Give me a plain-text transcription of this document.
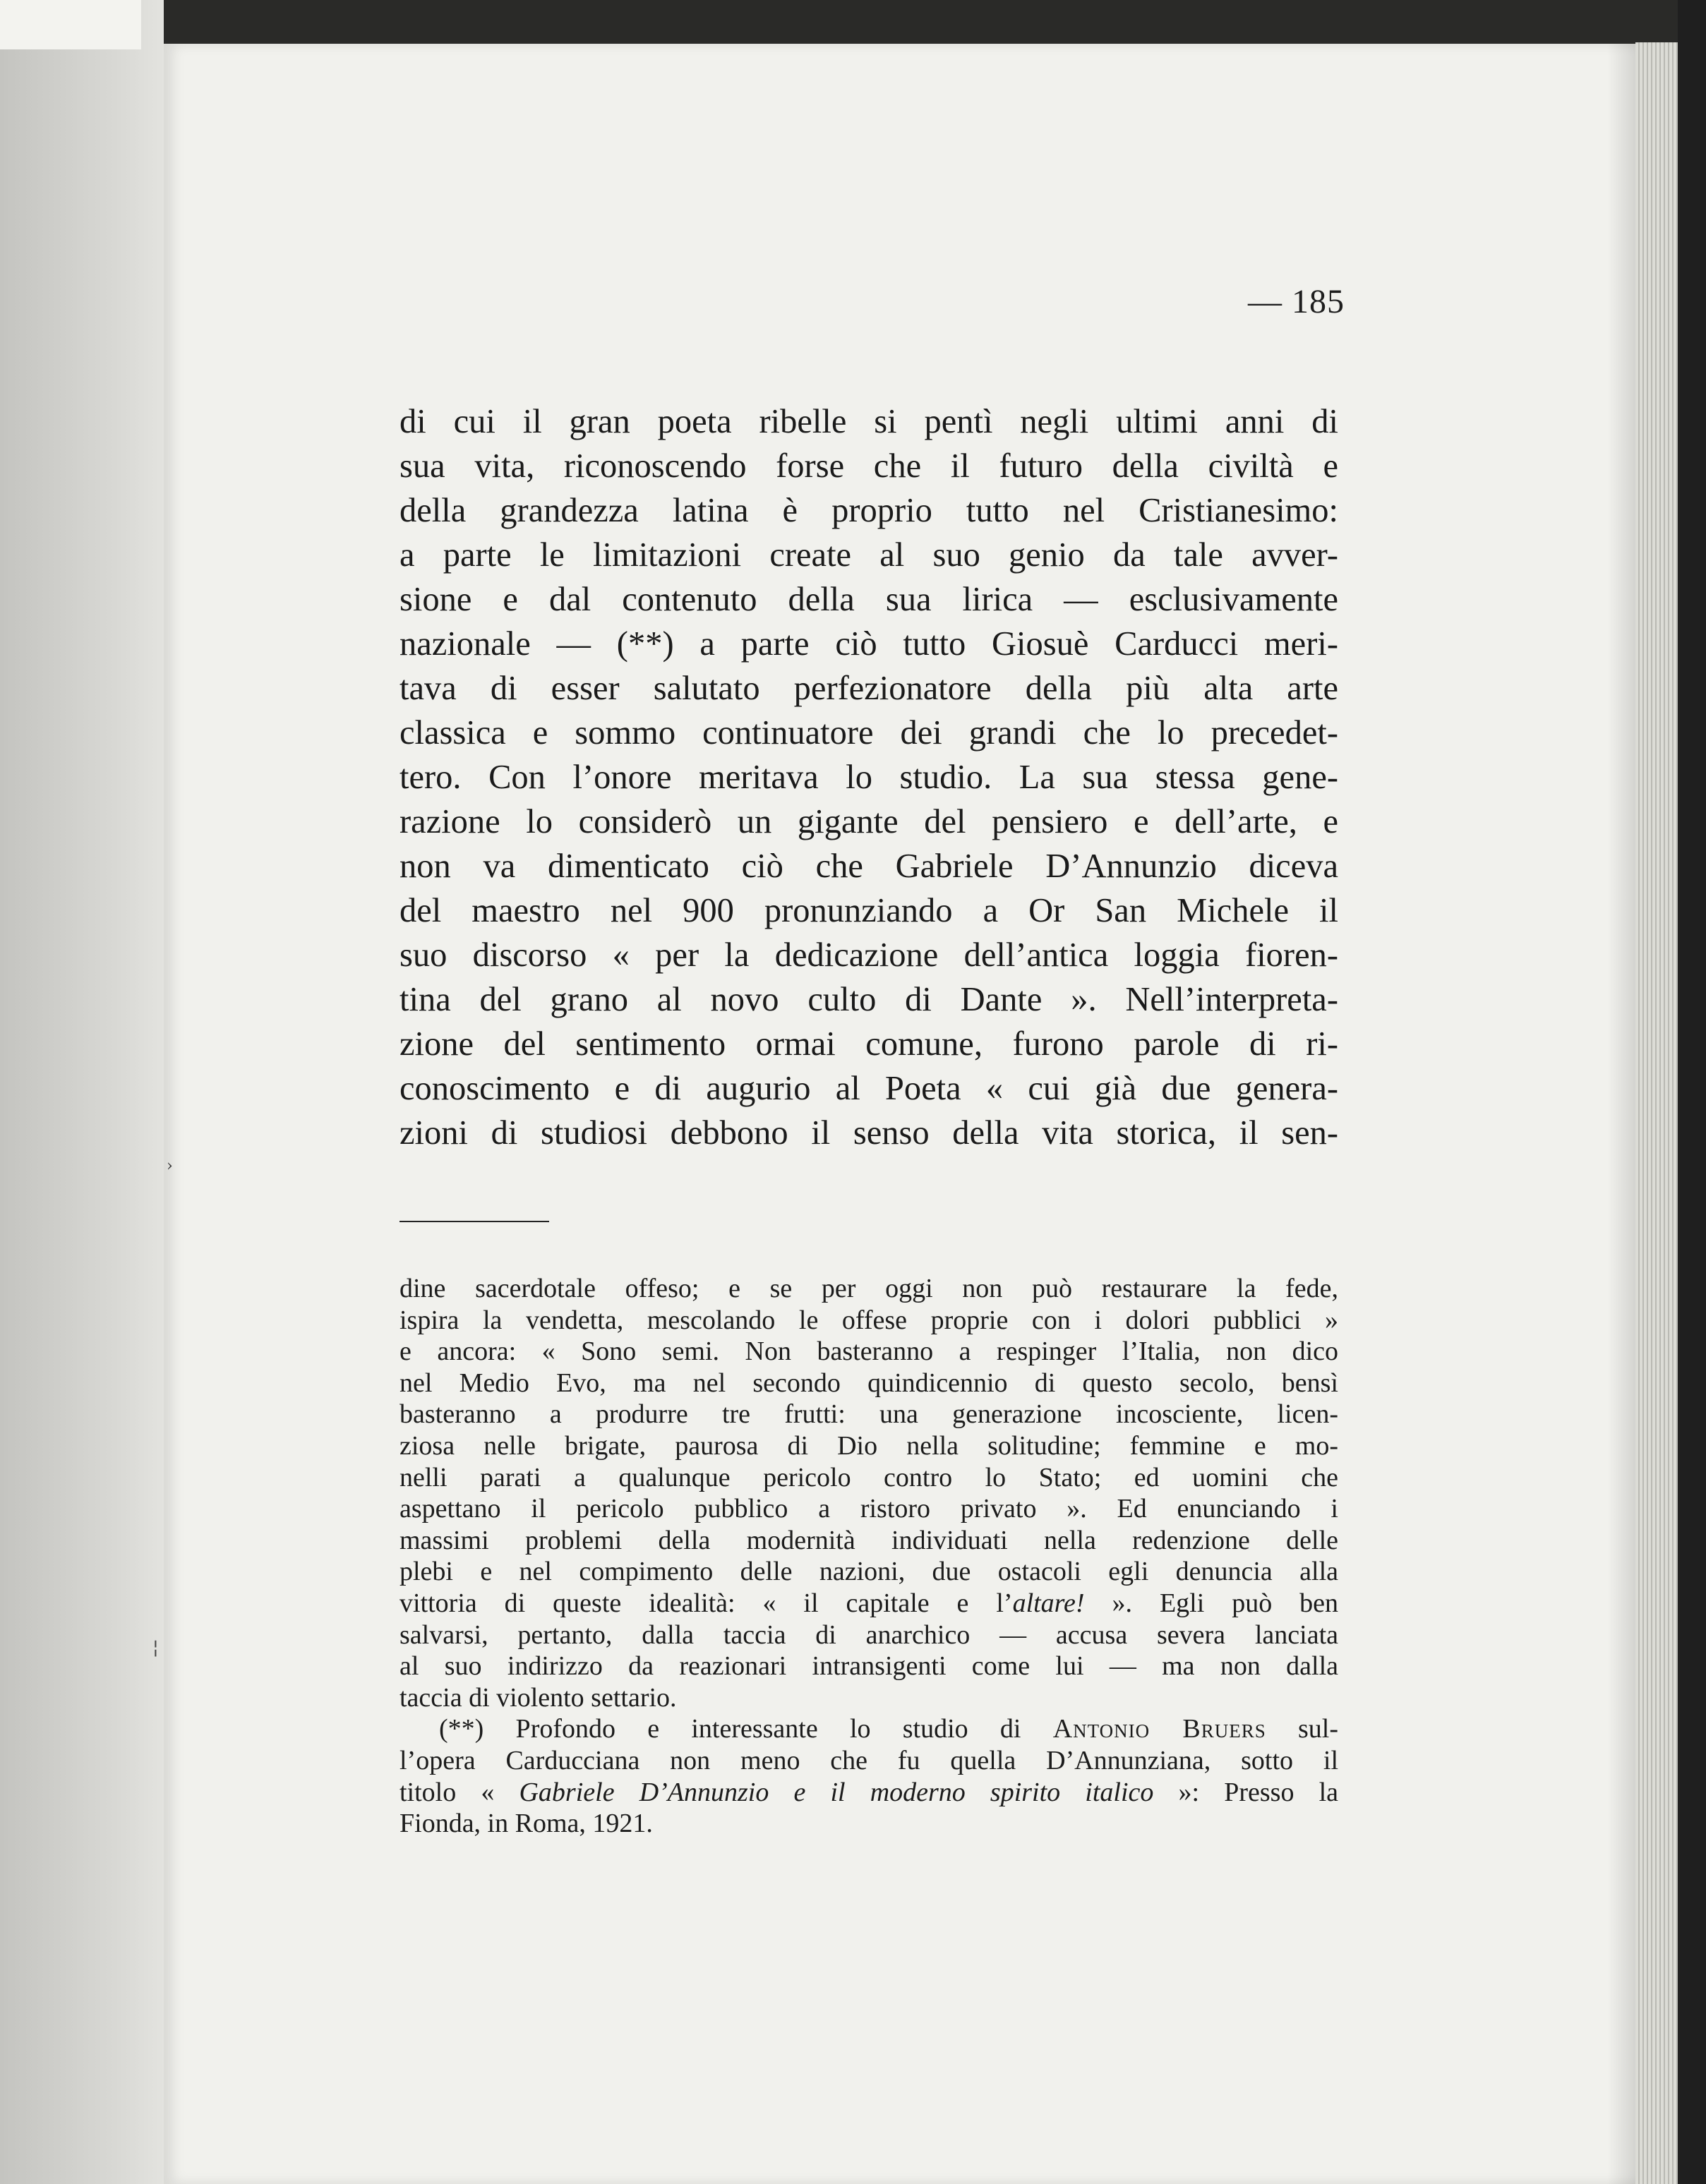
›
¦
— 185
di cui il gran poeta ribelle si pentì negli ultimi anni di
sua vita, riconoscendo forse che il futuro della civiltà e
della grandezza latina è proprio tutto nel Cristianesimo:
a parte le limitazioni create al suo genio da tale avver-
sione e dal contenuto della sua lirica — esclusivamente
nazionale — (**) a parte ciò tutto Giosuè Carducci meri-
tava di esser salutato perfezionatore della più alta arte
classica e sommo continuatore dei grandi che lo precedet-
tero. Con l’onore meritava lo studio. La sua stessa gene-
razione lo considerò un gigante del pensiero e dell’arte, e
non va dimenticato ciò che Gabriele D’Annunzio diceva
del maestro nel 900 pronunziando a Or San Michele il
suo discorso « per la dedicazione dell’antica loggia fioren-
tina del grano al novo culto di Dante ». Nell’interpreta-
zione del sentimento ormai comune, furono parole di ri-
conoscimento e di augurio al Poeta « cui già due genera-
zioni di studiosi debbono il senso della vita storica, il sen-
dine sacerdotale offeso; e se per oggi non può restaurare la fede,
ispira la vendetta, mescolando le offese proprie con i dolori pubblici »
e ancora: « Sono semi. Non basteranno a respinger l’Italia, non dico
nel Medio Evo, ma nel secondo quindicennio di questo secolo, bensì
basteranno a produrre tre frutti: una generazione incosciente, licen-
ziosa nelle brigate, paurosa di Dio nella solitudine; femmine e mo-
nelli parati a qualunque pericolo contro lo Stato; ed uomini che
aspettano il pericolo pubblico a ristoro privato ». Ed enunciando i
massimi problemi della modernità individuati nella redenzione delle
plebi e nel compimento delle nazioni, due ostacoli egli denuncia alla
vittoria di queste idealità: « il capitale e l’altare! ». Egli può ben
salvarsi, pertanto, dalla taccia di anarchico — accusa severa lanciata
al suo indirizzo da reazionari intransigenti come lui — ma non dalla
taccia di violento settario.
(**) Profondo e interessante lo studio di Antonio Bruers sul-
l’opera Carducciana non meno che fu quella D’Annunziana, sotto il
titolo « Gabriele D’Annunzio e il moderno spirito italico »: Presso la
Fionda, in Roma, 1921.
